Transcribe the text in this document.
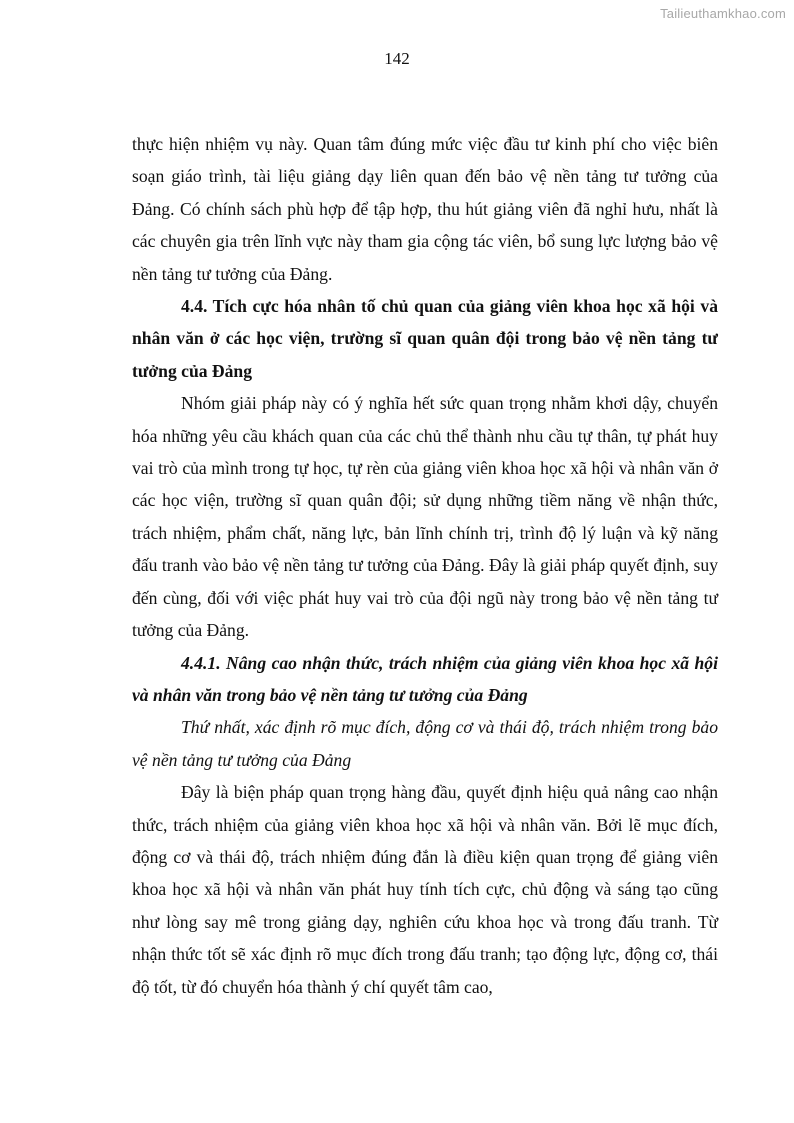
Tailieuthamkhao.com
142

thực hiện nhiệm vụ này. Quan tâm đúng mức việc đầu tư kinh phí cho việc biên soạn giáo trình, tài liệu giảng dạy liên quan đến bảo vệ nền tảng tư tưởng của Đảng. Có chính sách phù hợp để tập hợp, thu hút giảng viên đã nghỉ hưu, nhất là các chuyên gia trên lĩnh vực này tham gia cộng tác viên, bổ sung lực lượng bảo vệ nền tảng tư tưởng của Đảng.

4.4. Tích cực hóa nhân tố chủ quan của giảng viên khoa học xã hội và nhân văn ở các học viện, trường sĩ quan quân đội trong bảo vệ nền tảng tư tưởng của Đảng

Nhóm giải pháp này có ý nghĩa hết sức quan trọng nhằm khơi dậy, chuyển hóa những yêu cầu khách quan của các chủ thể thành nhu cầu tự thân, tự phát huy vai trò của mình trong tự học, tự rèn của giảng viên khoa học xã hội và nhân văn ở các học viện, trường sĩ quan quân đội; sử dụng những tiềm năng về nhận thức, trách nhiệm, phẩm chất, năng lực, bản lĩnh chính trị, trình độ lý luận và kỹ năng đấu tranh vào bảo vệ nền tảng tư tưởng của Đảng. Đây là giải pháp quyết định, suy đến cùng, đối với việc phát huy vai trò của đội ngũ này trong bảo vệ nền tảng tư tưởng của Đảng.

4.4.1. Nâng cao nhận thức, trách nhiệm của giảng viên khoa học xã hội và nhân văn trong bảo vệ nền tảng tư tưởng của Đảng

Thứ nhất, xác định rõ mục đích, động cơ và thái độ, trách nhiệm trong bảo vệ nền tảng tư tưởng của Đảng

Đây là biện pháp quan trọng hàng đầu, quyết định hiệu quả nâng cao nhận thức, trách nhiệm của giảng viên khoa học xã hội và nhân văn. Bởi lẽ mục đích, động cơ và thái độ, trách nhiệm đúng đắn là điều kiện quan trọng để giảng viên khoa học xã hội và nhân văn phát huy tính tích cực, chủ động và sáng tạo cũng như lòng say mê trong giảng dạy, nghiên cứu khoa học và trong đấu tranh. Từ nhận thức tốt sẽ xác định rõ mục đích trong đấu tranh; tạo động lực, động cơ, thái độ tốt, từ đó chuyển hóa thành ý chí quyết tâm cao,
